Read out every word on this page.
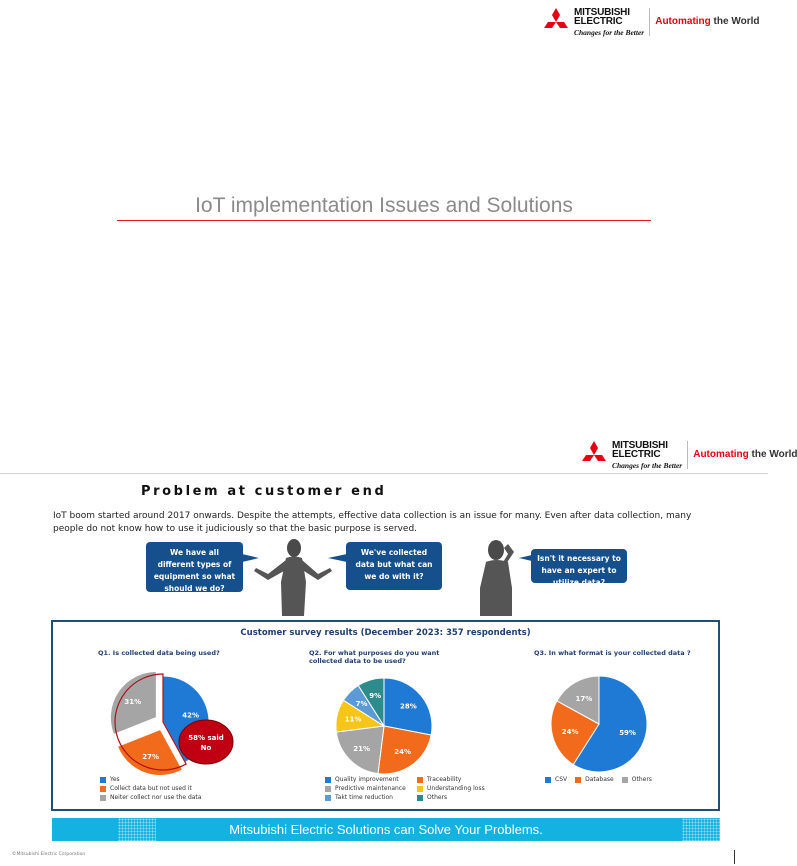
MITSUBISHI
ELECTRIC
Changes for the Better
Automating the World
IoT implementation Issues and Solutions
MITSUBISHI
ELECTRIC
Changes for the Better
Automating the World
Problem at customer end
IoT boom started around 2017 onwards. Despite the attempts, effective data collection is an issue for many. Even after data collection, many people do not know how to use it judiciously so that the basic purpose is served.
We have all different types of equipment so what should we do?
We've collected data but what can we do with it?
Isn't it necessary to have an expert to utilize data?
Customer survey results (December 2023: 357 respondents)
Q1. Is collected data being used?
42%
27%
31%
58% said
No
Yes
Collect data but not used it
Neiter collect nor use the data
Q2. For what purposes do you want collected data to be used?
28%
24%
21%
11%
7%
9%
Quality improvement	Traceability
Predictive maintenance	Understanding loss
Takt time reduction	Others
Q3. In what format is your collected data ?
59%
24%
17%
CSV	Database	Others
Mitsubishi Electric Solutions can Solve Your Problems.
©Mitsubishi Electric Corporation
